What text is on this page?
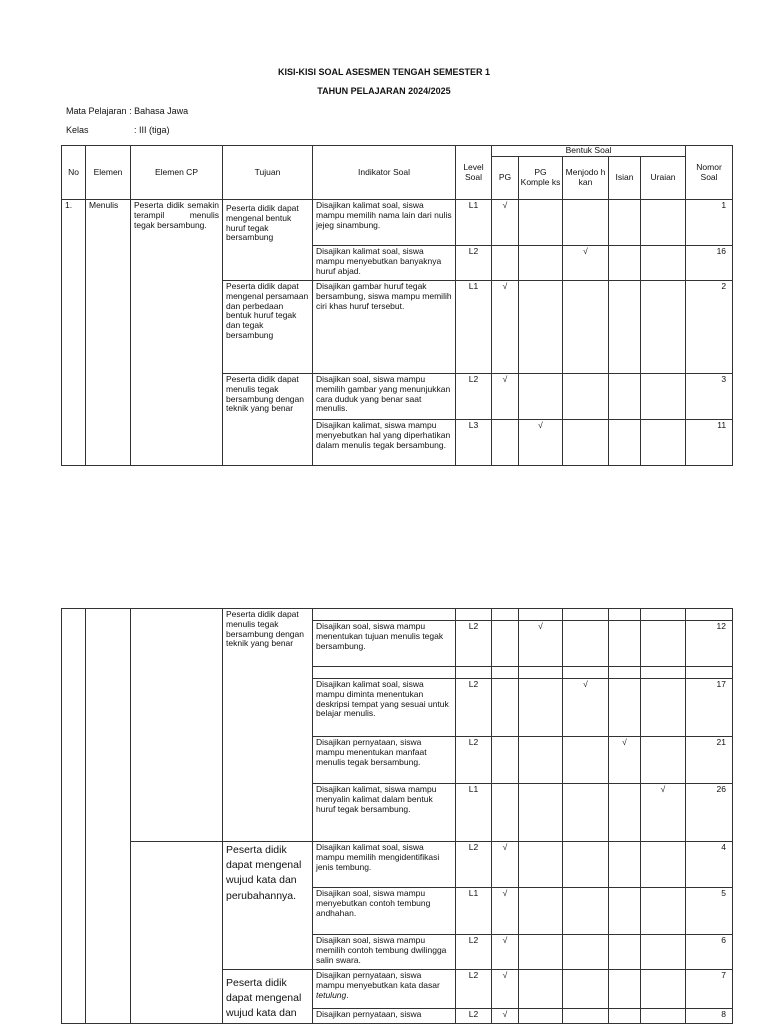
KISI-KISI SOAL ASESMEN TENGAH SEMESTER 1
TAHUN PELAJARAN 2024/2025
Mata Pelajaran : Bahasa Jawa
Kelas	: III (tiga)
No	Elemen	Elemen CP	Tujuan	Indikator Soal	Level Soal	Bentuk Soal					Nomor Soal
						PG	PG Komple ks	Menjodo h kan	Isian	Uraian	
1.	Menulis	Peserta didik semakin terampil menulis tegak bersambung.	Peserta didik dapat mengenal bentuk huruf tegak bersambung	Disajikan kalimat soal, siswa mampu memilih nama lain dari nulis jejeg sinambung.	L1	√					1
				Disajikan kalimat soal, siswa mampu menyebutkan banyaknya huruf abjad.	L2			√			16
			Peserta didik dapat mengenal persamaan dan perbedaan bentuk huruf tegak dan tegak bersambung	Disajikan gambar huruf tegak bersambung, siswa mampu memilih ciri khas huruf tersebut.	L1	√					2
			Peserta didik dapat menulis tegak bersambung dengan teknik yang benar	Disajikan soal, siswa mampu memilih gambar yang menunjukkan cara duduk yang benar saat menulis.	L2	√					3
				Disajikan kalimat, siswa mampu menyebutkan hal yang diperhatikan dalam menulis tegak bersambung.	L3		√				11
			Peserta didik dapat menulis tegak bersambung dengan teknik yang benar								
				Disajikan soal, siswa mampu menentukan tujuan menulis tegak bersambung.	L2		√				12

				Disajikan kalimat soal, siswa mampu diminta menentukan deskripsi tempat yang sesuai untuk belajar menulis.	L2			√			17
				Disajikan pernyataan, siswa mampu menentukan manfaat menulis tegak bersambung.	L2				√		21
				Disajikan kalimat, siswa mampu menyalin kalimat dalam bentuk huruf tegak bersambung.	L1					√	26
			Peserta didik dapat mengenal wujud kata dan perubahannya.	Disajikan kalimat soal, siswa mampu memilih mengidentifikasi jenis tembung.	L2	√					4
				Disajikan soal, siswa mampu menyebutkan contoh tembung andhahan.	L1	√					5
				Disajikan soal, siswa mampu memilih contoh tembung dwilingga salin swara.	L2	√					6
			Peserta didik dapat mengenal wujud kata dan	Disajikan pernyataan, siswa mampu menyebutkan kata dasar tetulung.	L2	√					7
				Disajikan pernyataan, siswa	L2	√					8
